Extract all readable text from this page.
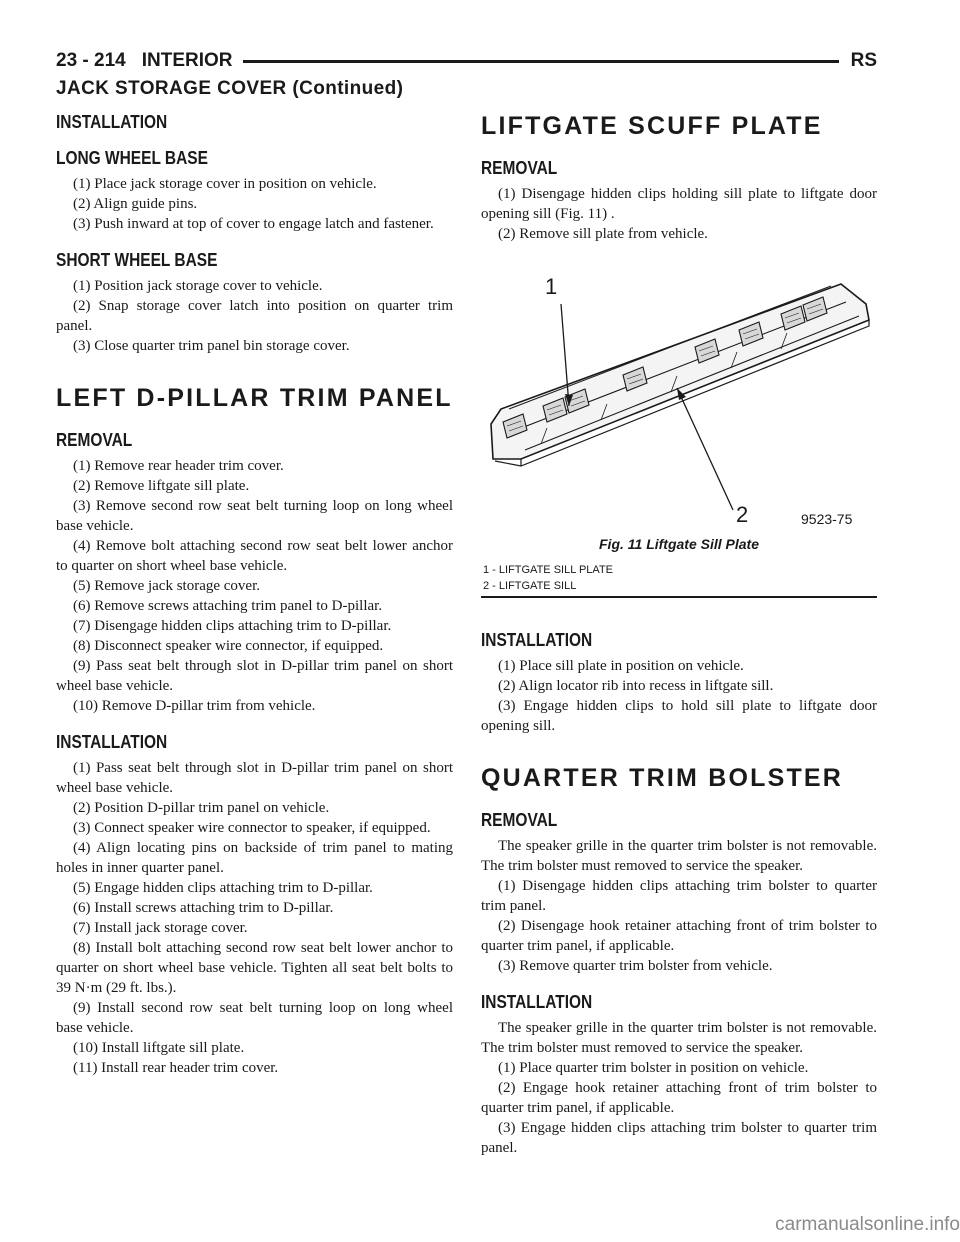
23 - 214 INTERIOR	RS
JACK STORAGE COVER (Continued)
INSTALLATION
LONG WHEEL BASE

(1) Place jack storage cover in position on vehicle.

(2) Align guide pins.

(3) Push inward at top of cover to engage latch and fastener.

SHORT WHEEL BASE

(1) Position jack storage cover to vehicle.

(2) Snap storage cover latch into position on quarter trim panel.

(3) Close quarter trim panel bin storage cover.

LEFT D-PILLAR TRIM PANEL
REMOVAL

(1) Remove rear header trim cover.

(2) Remove liftgate sill plate.

(3) Remove second row seat belt turning loop on long wheel base vehicle.

(4) Remove bolt attaching second row seat belt lower anchor to quarter on short wheel base vehicle.

(5) Remove jack storage cover.

(6) Remove screws attaching trim panel to D-pillar.

(7) Disengage hidden clips attaching trim to D-pillar.

(8) Disconnect speaker wire connector, if equipped.

(9) Pass seat belt through slot in D-pillar trim panel on short wheel base vehicle.

(10) Remove D-pillar trim from vehicle.

INSTALLATION

(1) Pass seat belt through slot in D-pillar trim panel on short wheel base vehicle.

(2) Position D-pillar trim panel on vehicle.

(3) Connect speaker wire connector to speaker, if equipped.

(4) Align locating pins on backside of trim panel to mating holes in inner quarter panel.

(5) Engage hidden clips attaching trim to D-pillar.

(6) Install screws attaching trim to D-pillar.

(7) Install jack storage cover.

(8) Install bolt attaching second row seat belt lower anchor to quarter on short wheel base vehicle. Tighten all seat belt bolts to 39 N·m (29 ft. lbs.).

(9) Install second row seat belt turning loop on long wheel base vehicle.

(10) Install liftgate sill plate.

(11) Install rear header trim cover.

LIFTGATE SCUFF PLATE
REMOVAL

(1) Disengage hidden clips holding sill plate to liftgate door opening sill (Fig. 11) .

(2) Remove sill plate from vehicle.

1
2	9523-75
Fig. 11 Liftgate Sill Plate
1 - LIFTGATE SILL PLATE
2 - LIFTGATE SILL
INSTALLATION

(1) Place sill plate in position on vehicle.

(2) Align locator rib into recess in liftgate sill.

(3) Engage hidden clips to hold sill plate to liftgate door opening sill.

QUARTER TRIM BOLSTER
REMOVAL

The speaker grille in the quarter trim bolster is not removable. The trim bolster must removed to service the speaker.

(1) Disengage hidden clips attaching trim bolster to quarter trim panel.

(2) Disengage hook retainer attaching front of trim bolster to quarter trim panel, if applicable.

(3) Remove quarter trim bolster from vehicle.

INSTALLATION

The speaker grille in the quarter trim bolster is not removable. The trim bolster must removed to service the speaker.

(1) Place quarter trim bolster in position on vehicle.

(2) Engage hook retainer attaching front of trim bolster to quarter trim panel, if applicable.

(3) Engage hidden clips attaching trim bolster to quarter trim panel.

carmanualsonline.info
